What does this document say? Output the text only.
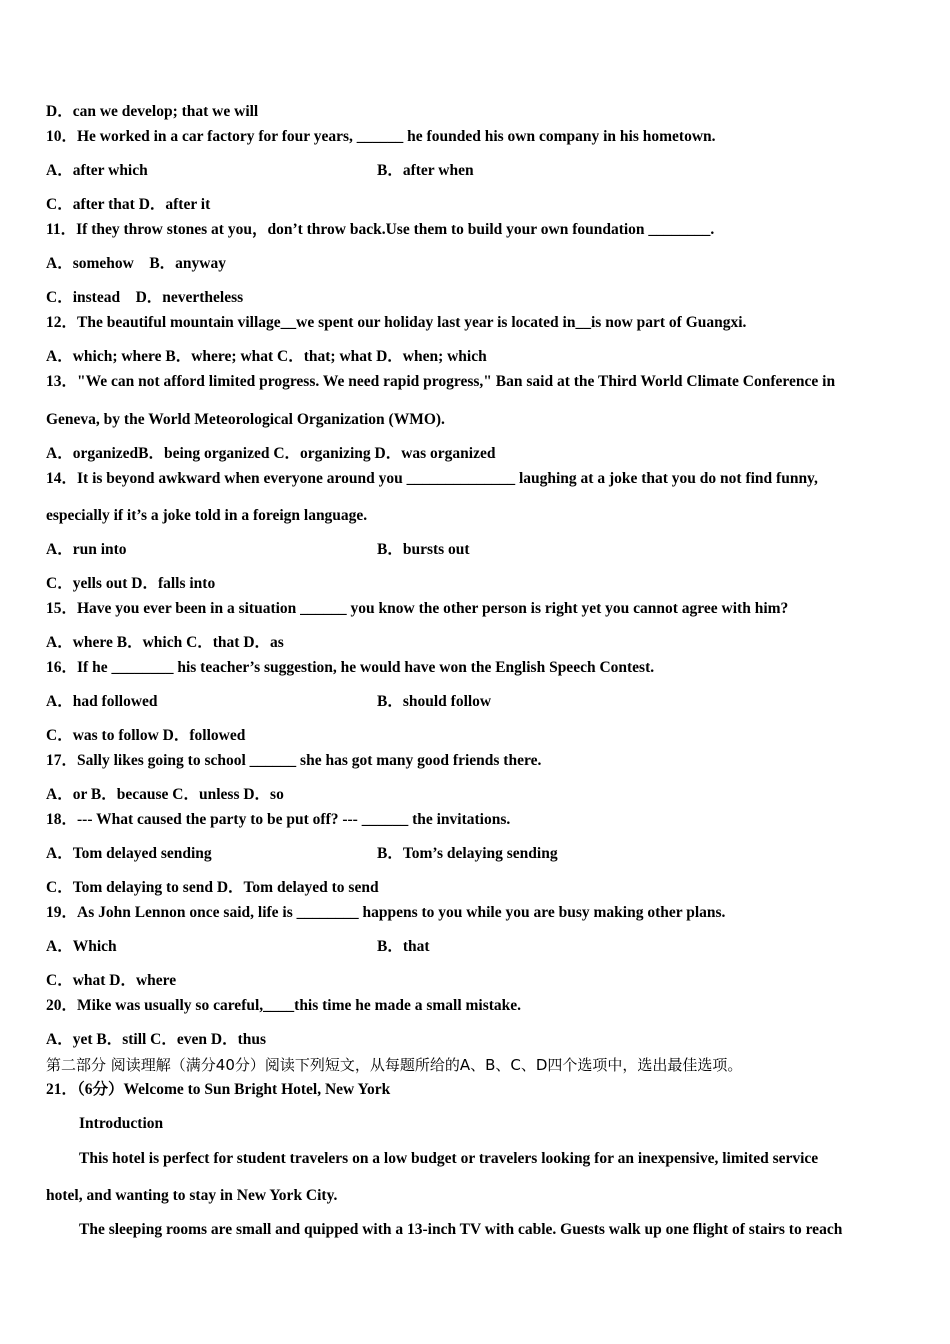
D．can we develop; that we will
10．He worked in a car factory for four years, ______ he founded his own company in his hometown.
A．after which	B．after when
C．after that D．after it
11．If they throw stones at you，don’t throw back.Use them to build your own foundation ________.
A．somehow　B．anyway
C．instead　D．nevertheless
12．The beautiful mountain village__we spent our holiday last year is located in__is now part of Guangxi.
A．which; where B．where; what C．that; what D．when; which
13．"We can not afford limited progress. We need rapid progress," Ban said at the Third World Climate Conference in
Geneva, by the World Meteorological Organization (WMO).
A．organizedB．being organized C．organizing D．was organized
14．It is beyond awkward when everyone around you ______________ laughing at a joke that you do not find funny,
especially if it’s a joke told in a foreign language.
A．run into	B．bursts out
C．yells out D．falls into
15．Have you ever been in a situation ______ you know the other person is right yet you cannot agree with him?
A．where B．which C．that D．as
16．If he ________ his teacher’s suggestion, he would have won the English Speech Contest.
A．had followed	B．should follow
C．was to follow D．followed
17．Sally likes going to school ______ she has got many good friends there.
A．or B．because C．unless D．so
18．--- What caused the party to be put off? --- ______ the invitations.
A．Tom delayed sending	B．Tom’s delaying sending
C．Tom delaying to send D．Tom delayed to send
19．As John Lennon once said, life is ________ happens to you while you are busy making other plans.
A．Which	B．that
C．what D．where
20．Mike was usually so careful,____this time he made a small mistake.
A．yet B．still C．even D．thus
第二部分 阅读理解（满分40分）阅读下列短文，从每题所给的A、B、C、D四个选项中，选出最佳选项。
21．（6分）Welcome to Sun Bright Hotel, New York
Introduction
This hotel is perfect for student travelers on a low budget or travelers looking for an inexpensive, limited service
hotel, and wanting to stay in New York City.
The sleeping rooms are small and quipped with a 13-inch TV with cable. Guests walk up one flight of stairs to reach
